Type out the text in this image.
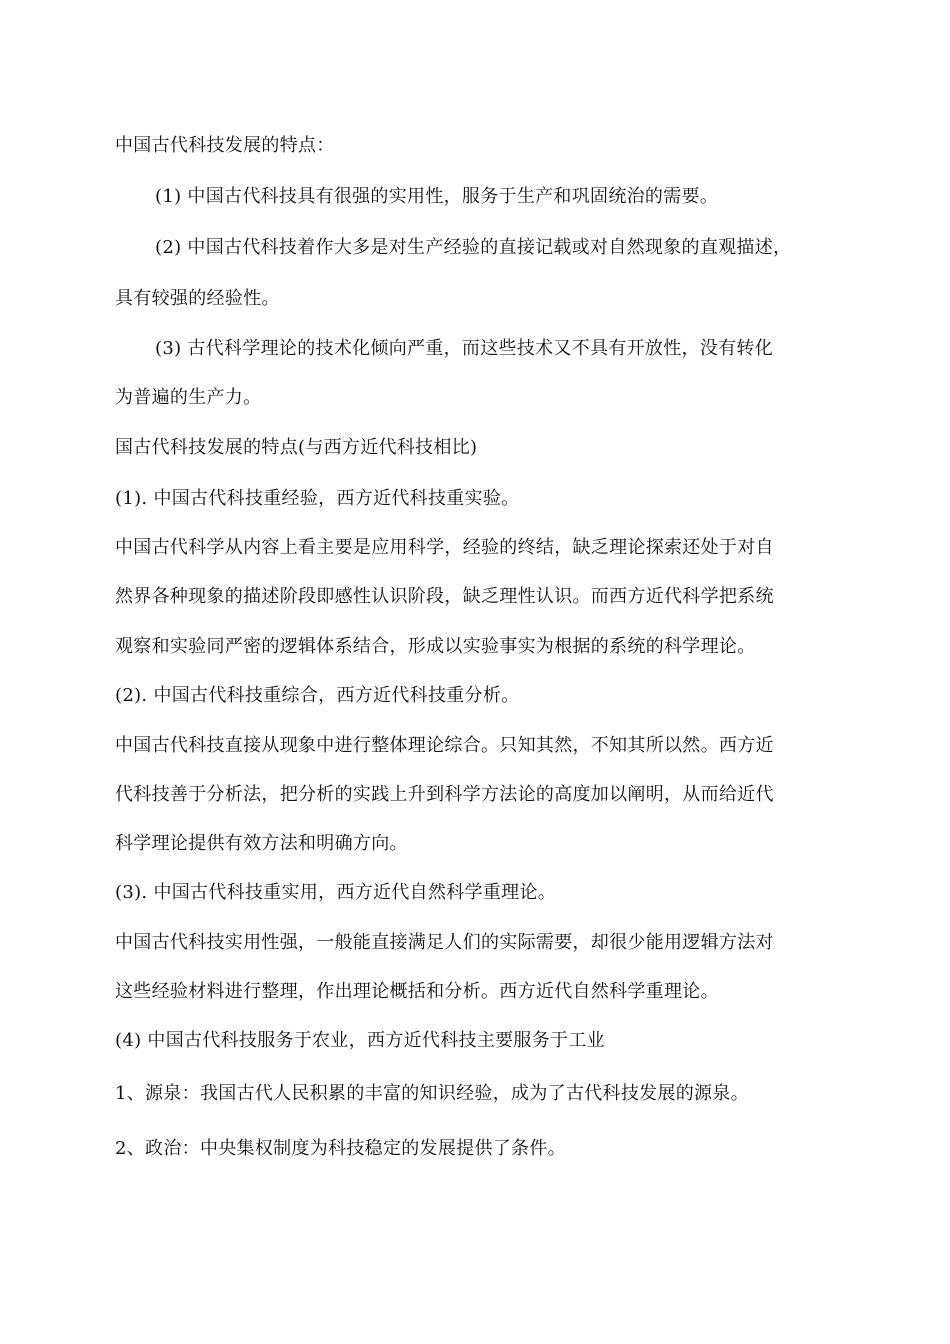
中国古代科技发展的特点：
(1) 中国古代科技具有很强的实用性，服务于生产和巩固统治的需要。
(2) 中国古代科技着作大多是对生产经验的直接记载或对自然现象的直观描述，
具有较强的经验性。
(3) 古代科学理论的技术化倾向严重，而这些技术又不具有开放性，没有转化
为普遍的生产力。
国古代科技发展的特点(与西方近代科技相比)
(1). 中国古代科技重经验，西方近代科技重实验。
中国古代科学从内容上看主要是应用科学，经验的终结，缺乏理论探索还处于对自
然界各种现象的描述阶段即感性认识阶段，缺乏理性认识。而西方近代科学把系统
观察和实验同严密的逻辑体系结合，形成以实验事实为根据的系统的科学理论。
(2). 中国古代科技重综合，西方近代科技重分析。
中国古代科技直接从现象中进行整体理论综合。只知其然，不知其所以然。西方近
代科技善于分析法，把分析的实践上升到科学方法论的高度加以阐明，从而给近代
科学理论提供有效方法和明确方向。
(3). 中国古代科技重实用，西方近代自然科学重理论。
中国古代科技实用性强，一般能直接满足人们的实际需要，却很少能用逻辑方法对
这些经验材料进行整理，作出理论概括和分析。西方近代自然科学重理论。
(4) 中国古代科技服务于农业，西方近代科技主要服务于工业
1、源泉：我国古代人民积累的丰富的知识经验，成为了古代科技发展的源泉。
2、政治：中央集权制度为科技稳定的发展提供了条件。
